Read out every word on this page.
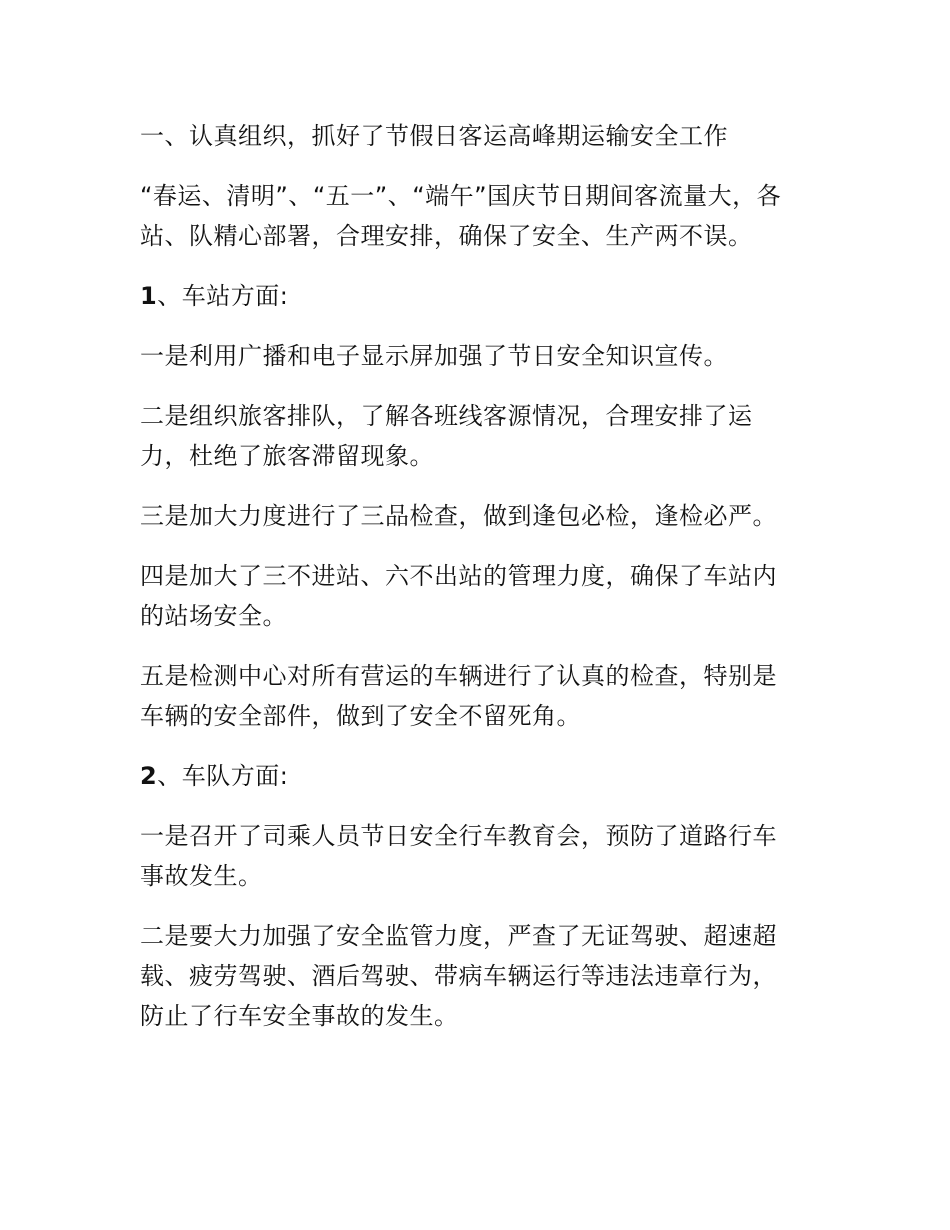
一、认真组织，抓好了节假日客运高峰期运输安全工作

“春运、清明”、“五一”、“端午”国庆节日期间客流量大，各站、队精心部署，合理安排，确保了安全、生产两不误。

1、车站方面:

一是利用广播和电子显示屏加强了节日安全知识宣传。

二是组织旅客排队，了解各班线客源情况，合理安排了运力，杜绝了旅客滞留现象。

三是加大力度进行了三品检查，做到逢包必检，逢检必严。

四是加大了三不进站、六不出站的管理力度，确保了车站内的站场安全。

五是检测中心对所有营运的车辆进行了认真的检查，特别是车辆的安全部件，做到了安全不留死角。

2、车队方面:

一是召开了司乘人员节日安全行车教育会，预防了道路行车事故发生。

二是要大力加强了安全监管力度，严查了无证驾驶、超速超载、疲劳驾驶、酒后驾驶、带病车辆运行等违法违章行为，防止了行车安全事故的发生。
